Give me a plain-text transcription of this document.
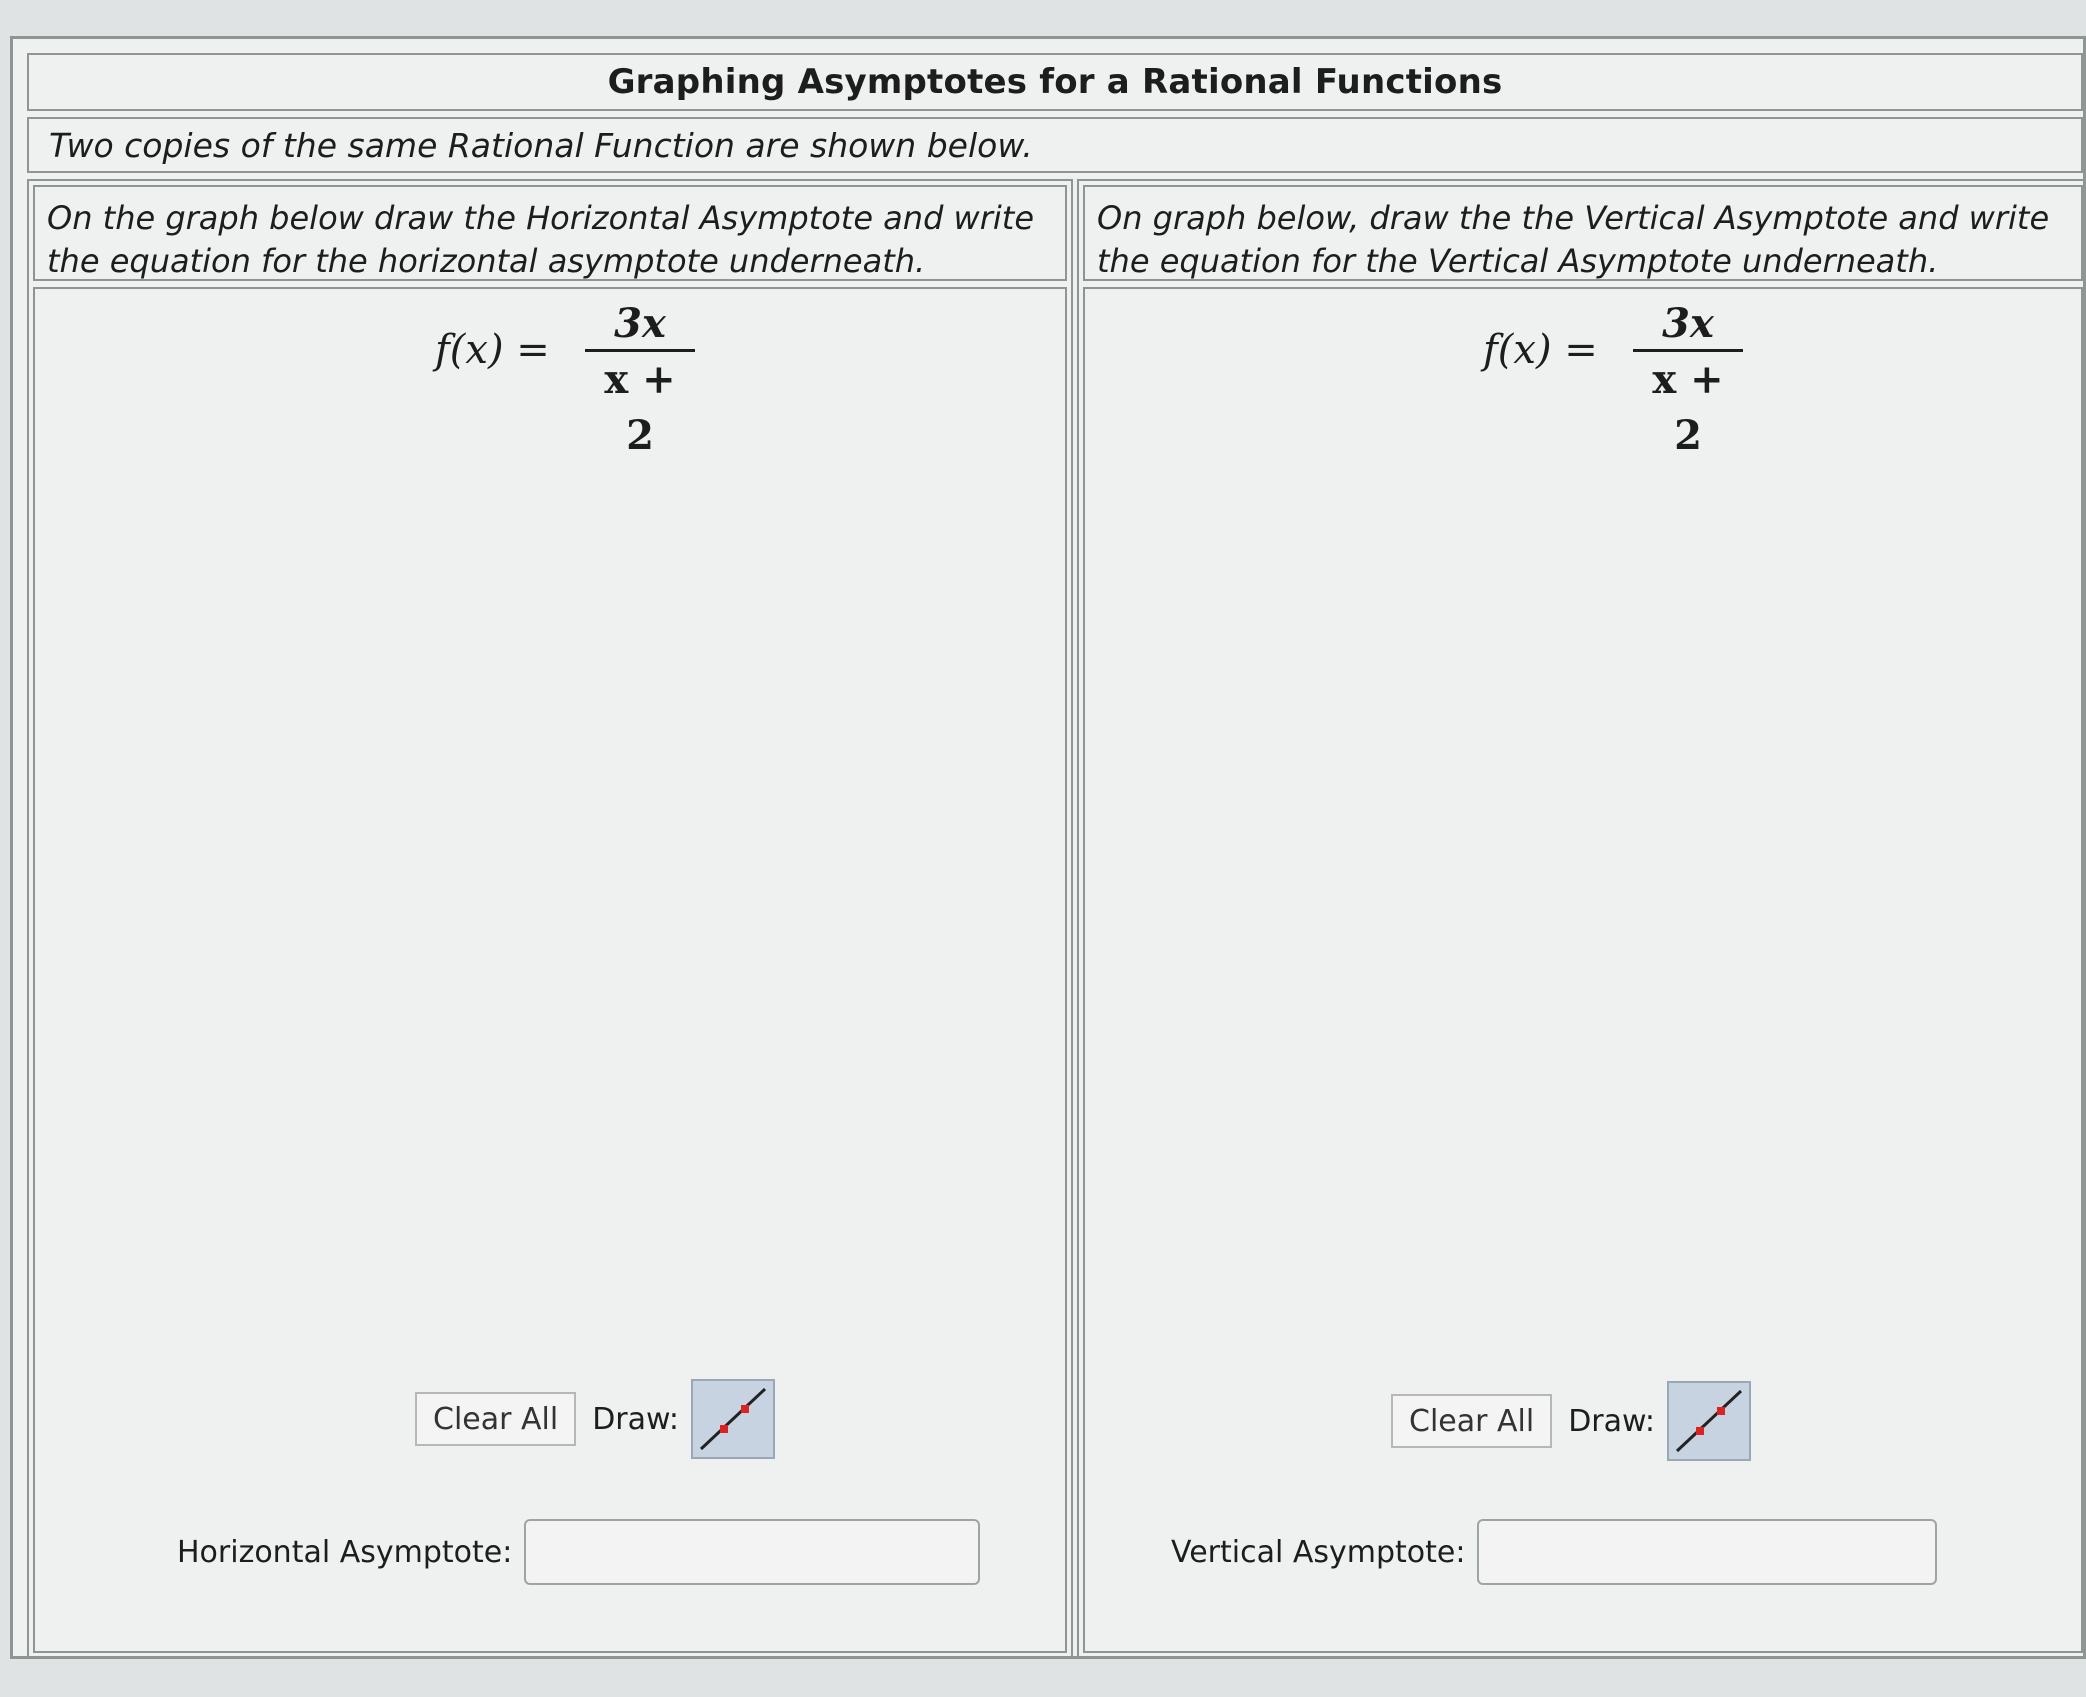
Graphing Asymptotes for a Rational Functions
Two copies of the same Rational Function are shown below.
On the graph below draw the Horizontal Asymptote and write the equation for the horizontal asymptote underneath.
f(x) =
3x
x + 2
Clear All	Draw:
Horizontal Asymptote:
On graph below, draw the the Vertical Asymptote and write the equation for the Vertical Asymptote underneath.
f(x) =
3x
x + 2
Clear All	Draw:
Vertical Asymptote:
